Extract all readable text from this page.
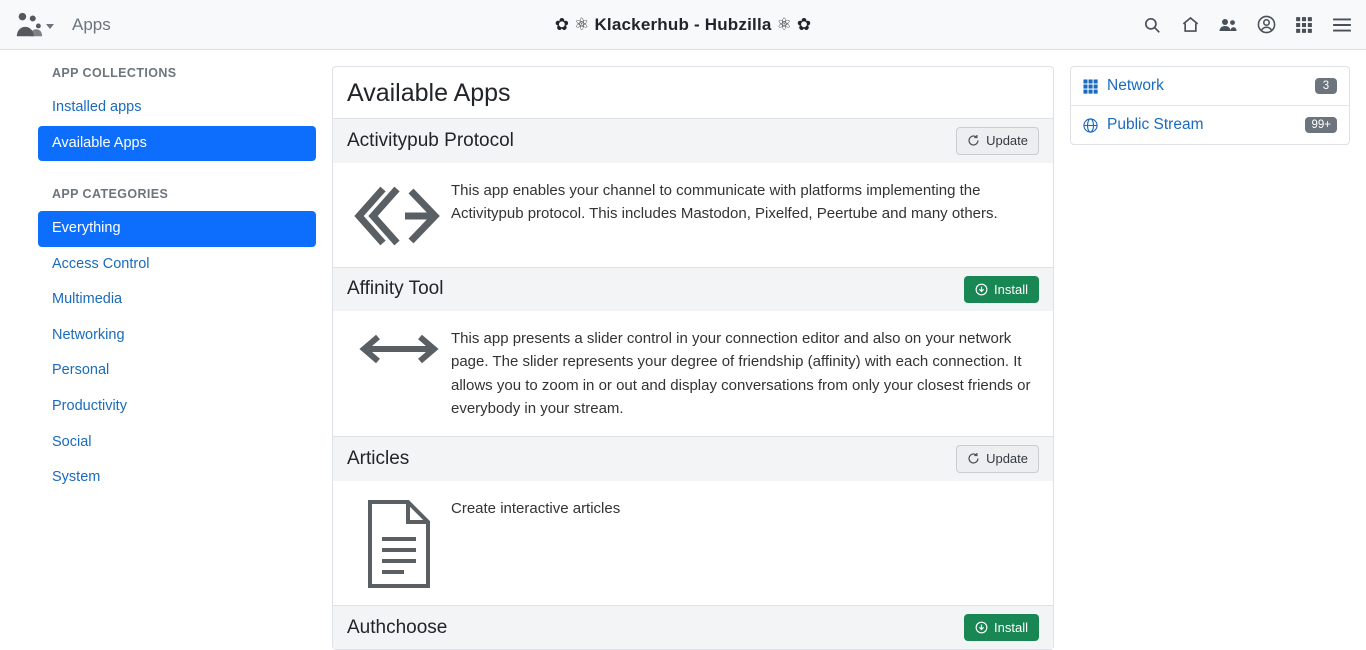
Apps	✿ ⚛ Klackerhub - Hubzilla ⚛ ✿
APP COLLECTIONS
Installed apps
Available Apps
APP CATEGORIES
Everything
Access Control
Multimedia
Networking
Personal
Productivity
Social
System
Available Apps
Activitypub Protocol	Update
This app enables your channel to communicate with platforms implementing the Activitypub protocol. This includes Mastodon, Pixelfed, Peertube and many others.
Affinity Tool	Install
This app presents a slider control in your connection editor and also on your network page. The slider represents your degree of friendship (affinity) with each connection. It allows you to zoom in or out and display conversations from only your closest friends or everybody in your stream.
Articles	Update
Create interactive articles
Authchoose	Install
Network	3
Public Stream	99+
